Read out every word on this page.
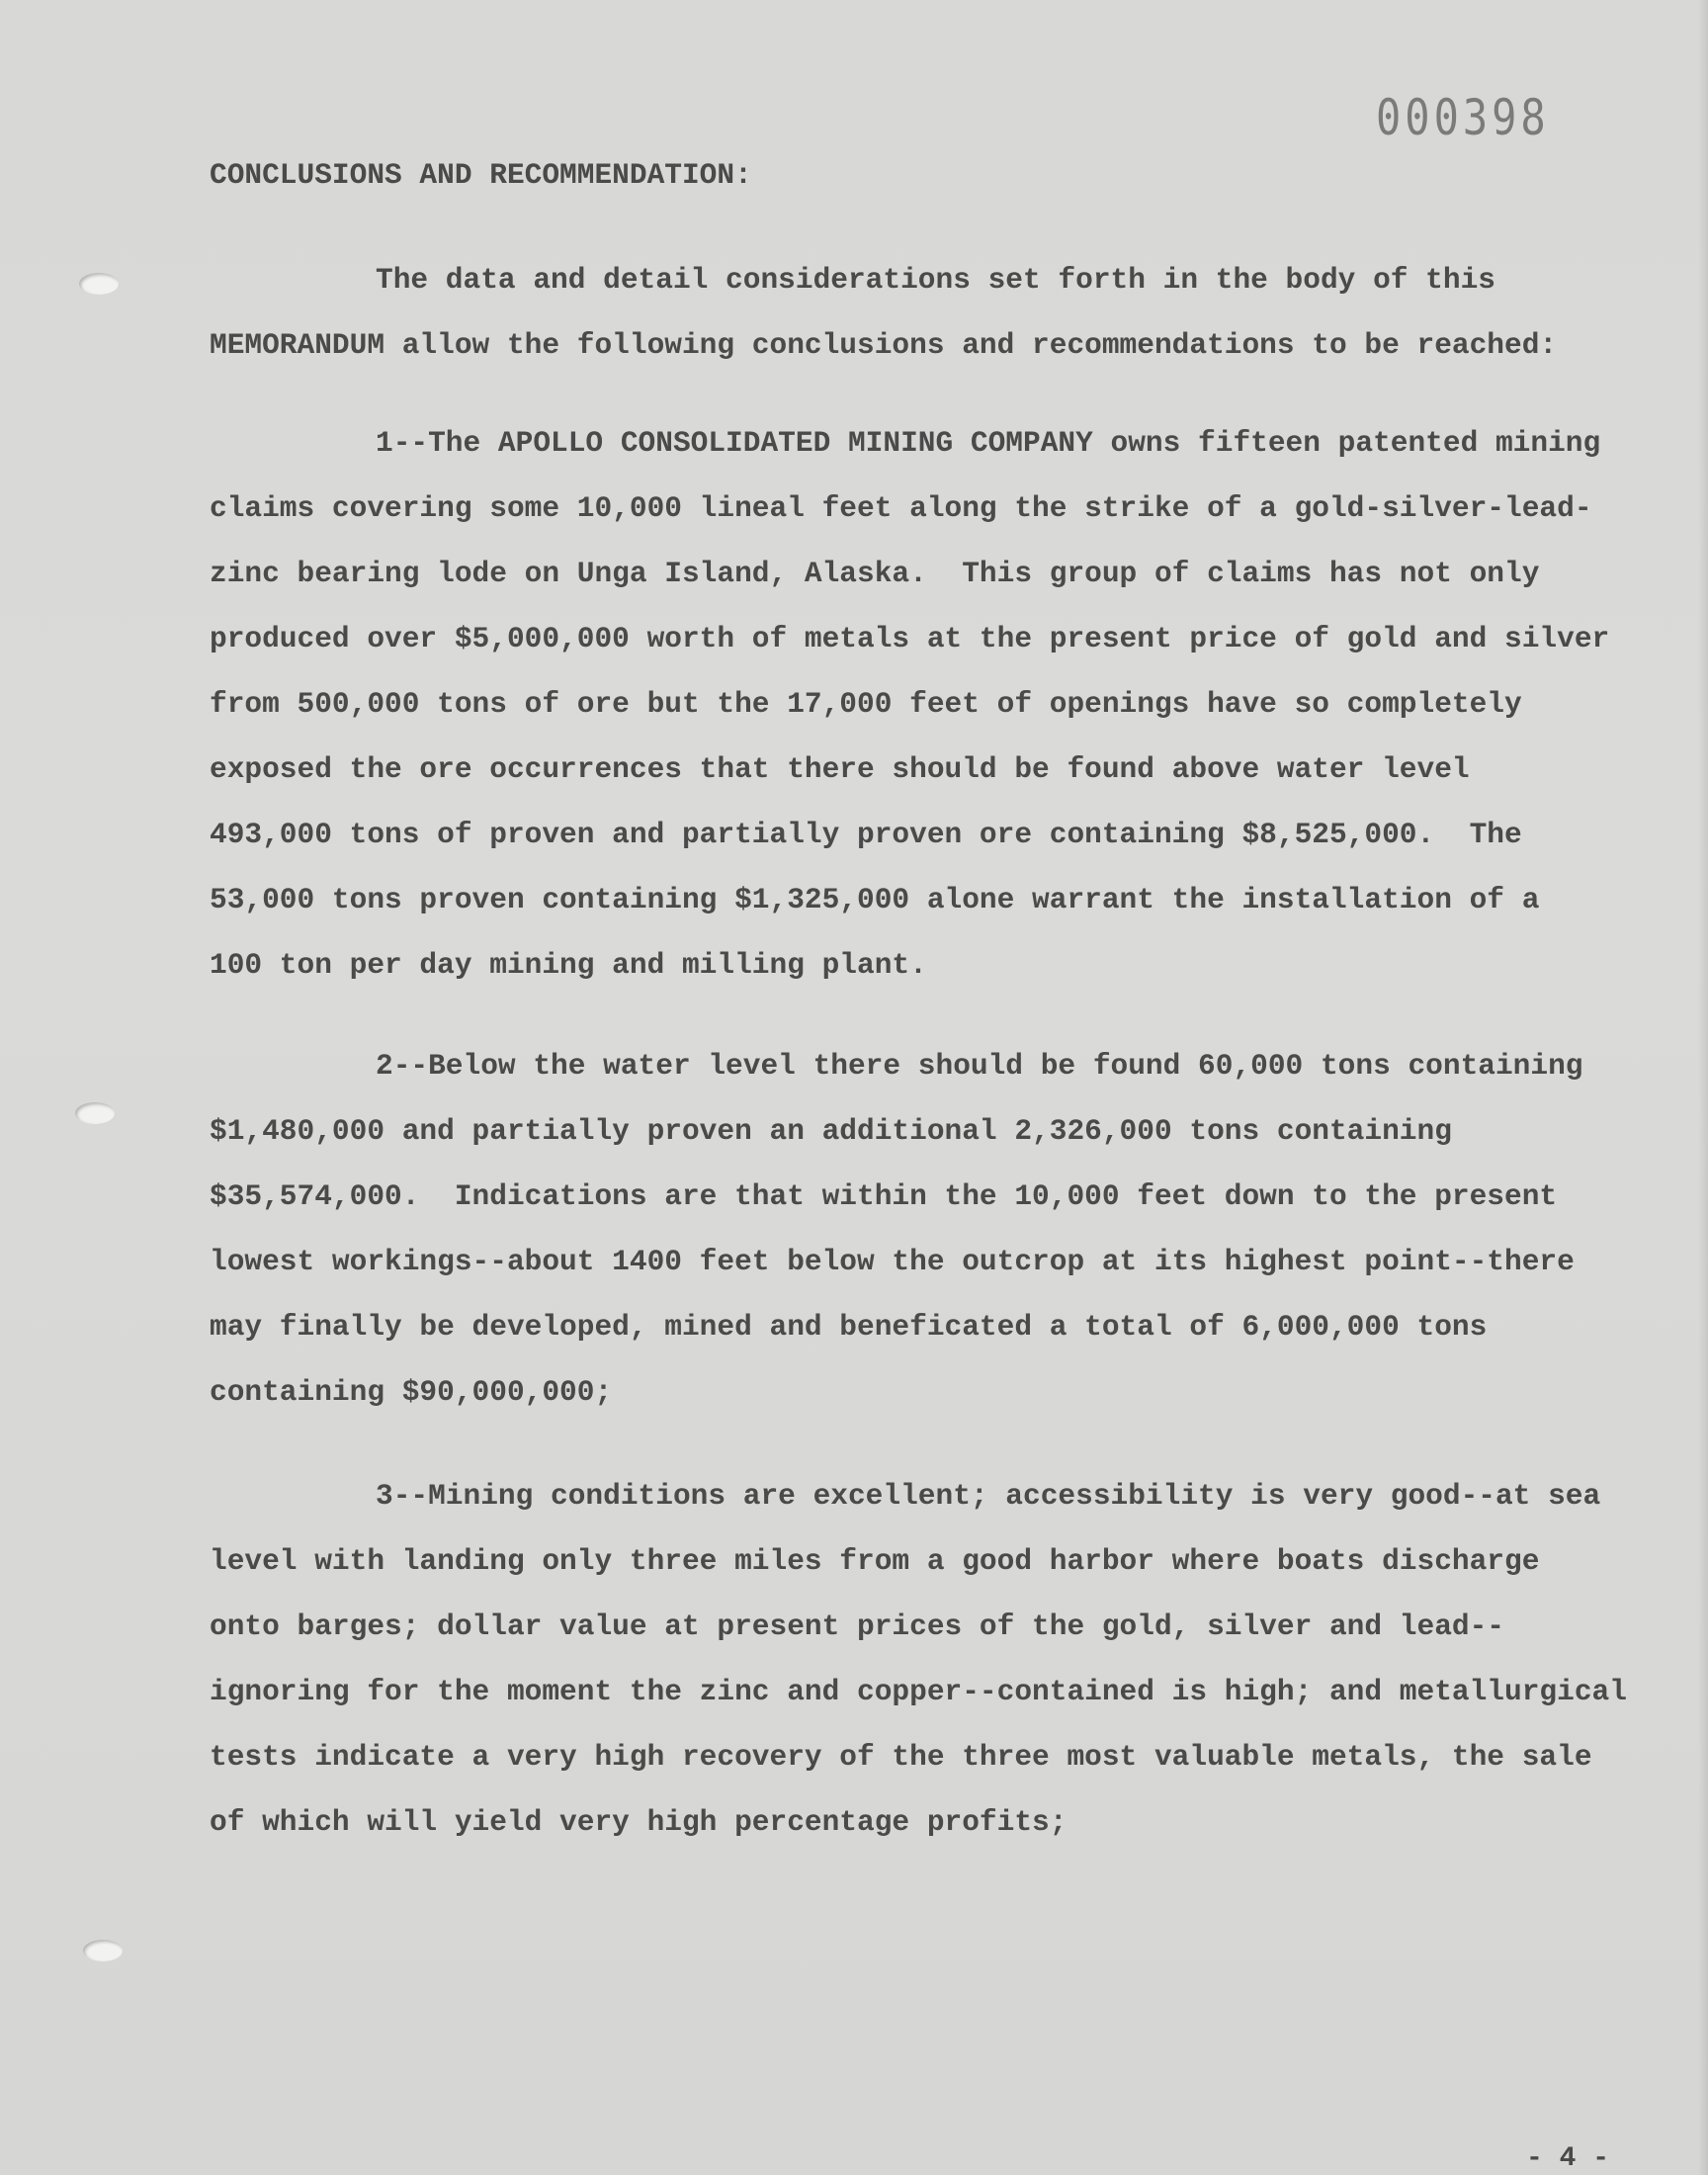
000398
CONCLUSIONS AND RECOMMENDATION:
The data and detail considerations set forth in the body of this
MEMORANDUM allow the following conclusions and recommendations to be reached:
1--The APOLLO CONSOLIDATED MINING COMPANY owns fifteen patented mining
claims covering some 10,000 lineal feet along the strike of a gold-silver-lead-
zinc bearing lode on Unga Island, Alaska.  This group of claims has not only
produced over $5,000,000 worth of metals at the present price of gold and silver
from 500,000 tons of ore but the 17,000 feet of openings have so completely
exposed the ore occurrences that there should be found above water level
493,000 tons of proven and partially proven ore containing $8,525,000.  The
53,000 tons proven containing $1,325,000 alone warrant the installation of a
100 ton per day mining and milling plant.
2--Below the water level there should be found 60,000 tons containing
$1,480,000 and partially proven an additional 2,326,000 tons containing
$35,574,000.  Indications are that within the 10,000 feet down to the present
lowest workings--about 1400 feet below the outcrop at its highest point--there
may finally be developed, mined and beneficated a total of 6,000,000 tons
containing $90,000,000;
3--Mining conditions are excellent; accessibility is very good--at sea
level with landing only three miles from a good harbor where boats discharge
onto barges; dollar value at present prices of the gold, silver and lead--
ignoring for the moment the zinc and copper--contained is high; and metallurgical
tests indicate a very high recovery of the three most valuable metals, the sale
of which will yield very high percentage profits;
- 4 -
